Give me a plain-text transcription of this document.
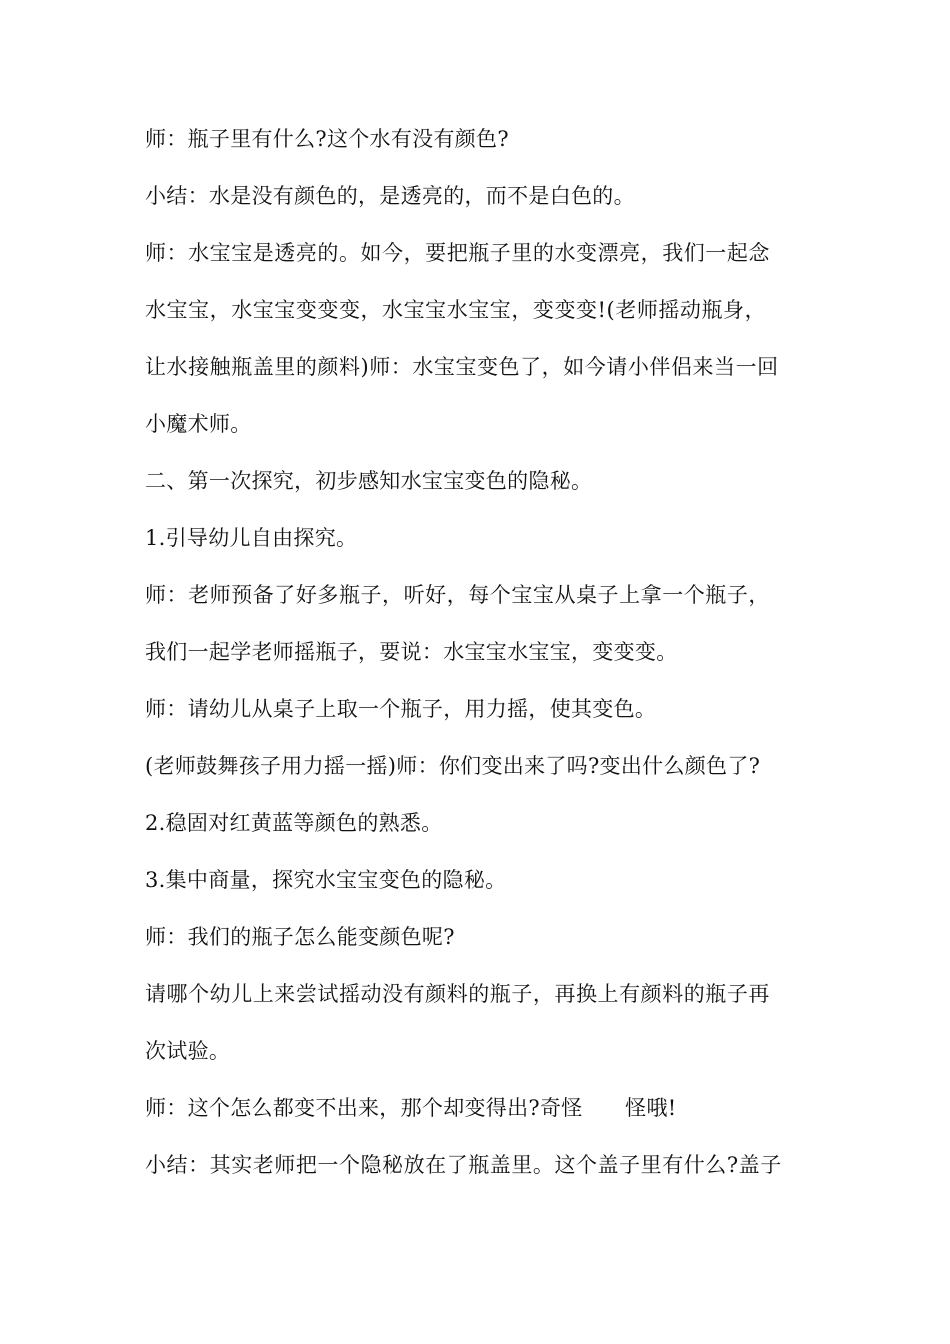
师：瓶子里有什么?这个水有没有颜色?
小结：水是没有颜色的，是透亮的，而不是白色的。
师：水宝宝是透亮的。如今，要把瓶子里的水变漂亮，我们一起念
水宝宝，水宝宝变变变，水宝宝水宝宝，变变变!(老师摇动瓶身，
让水接触瓶盖里的颜料)师：水宝宝变色了，如今请小伴侣来当一回
小魔术师。
二、第一次探究，初步感知水宝宝变色的隐秘。
1.引导幼儿自由探究。
师：老师预备了好多瓶子，听好，每个宝宝从桌子上拿一个瓶子，
我们一起学老师摇瓶子，要说：水宝宝水宝宝，变变变。
师：请幼儿从桌子上取一个瓶子，用力摇，使其变色。
(老师鼓舞孩子用力摇一摇)师：你们变出来了吗?变出什么颜色了?
2.稳固对红黄蓝等颜色的熟悉。
3.集中商量，探究水宝宝变色的隐秘。
师：我们的瓶子怎么能变颜色呢?
请哪个幼儿上来尝试摇动没有颜料的瓶子，再换上有颜料的瓶子再
次试验。
师：这个怎么都变不出来，那个却变得出?奇怪　　怪哦!
小结：其实老师把一个隐秘放在了瓶盖里。这个盖子里有什么?盖子
